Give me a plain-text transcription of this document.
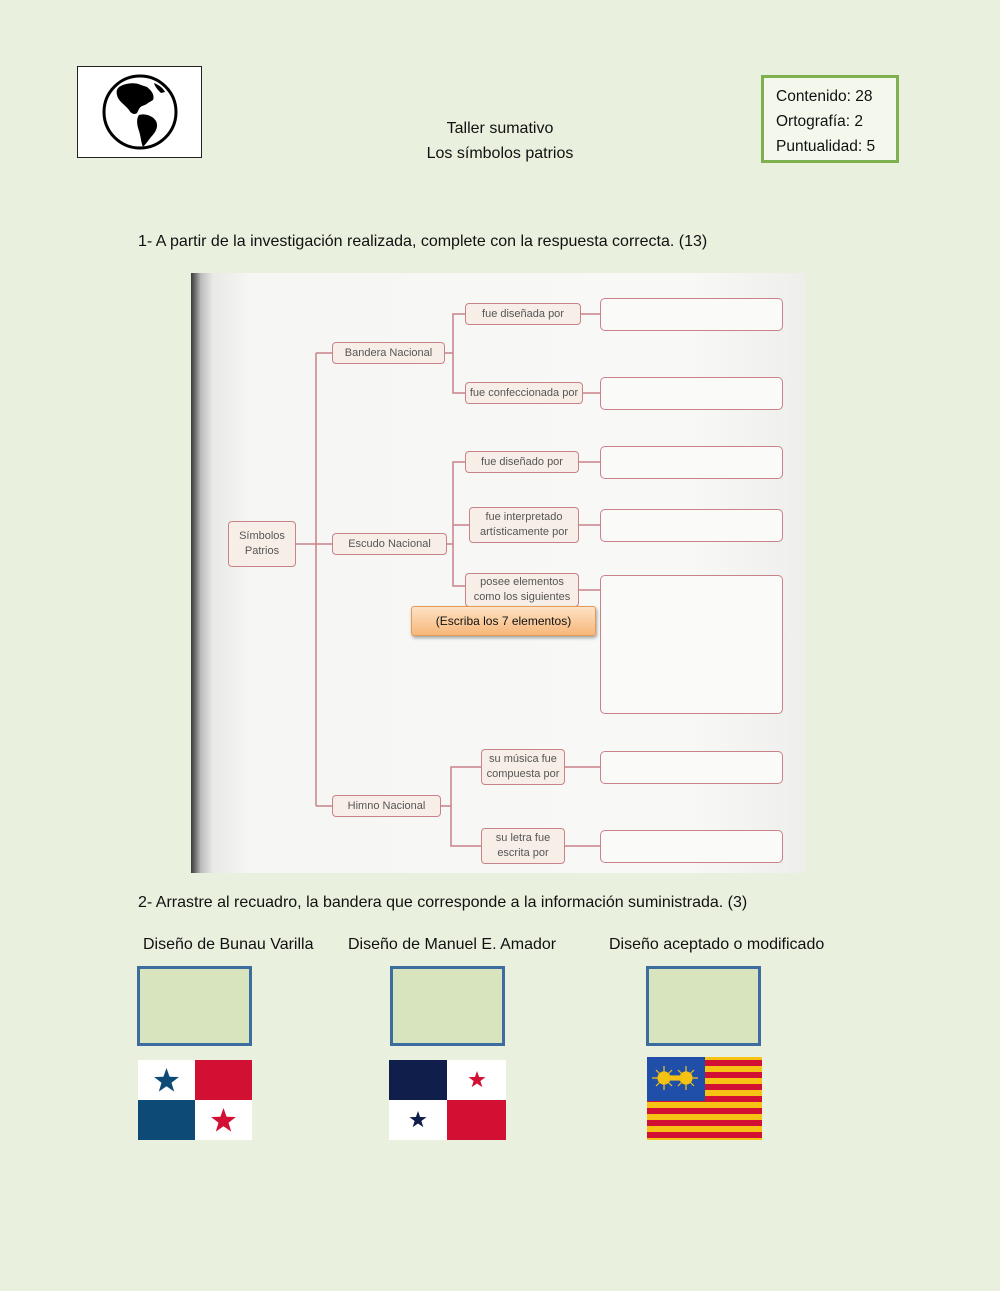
Taller sumativo
Los símbolos patrios
Contenido: 28
Ortografía: 2
Puntualidad: 5
1- A partir de la investigación realizada, complete con la respuesta correcta. (13)
Símbolos
Patrios
Bandera Nacional
Escudo Nacional
Himno Nacional
fue diseñada por
fue confeccionada por
fue diseñado por
fue interpretado
artísticamente por
posee elementos
como los siguientes
su música fue
compuesta por
su letra fue
escrita por
(Escriba los 7 elementos)
2- Arrastre al recuadro, la bandera que corresponde a la información suministrada. (3)
Diseño de Bunau Varilla Diseño de Manuel E. Amador	Diseño aceptado o modificado
